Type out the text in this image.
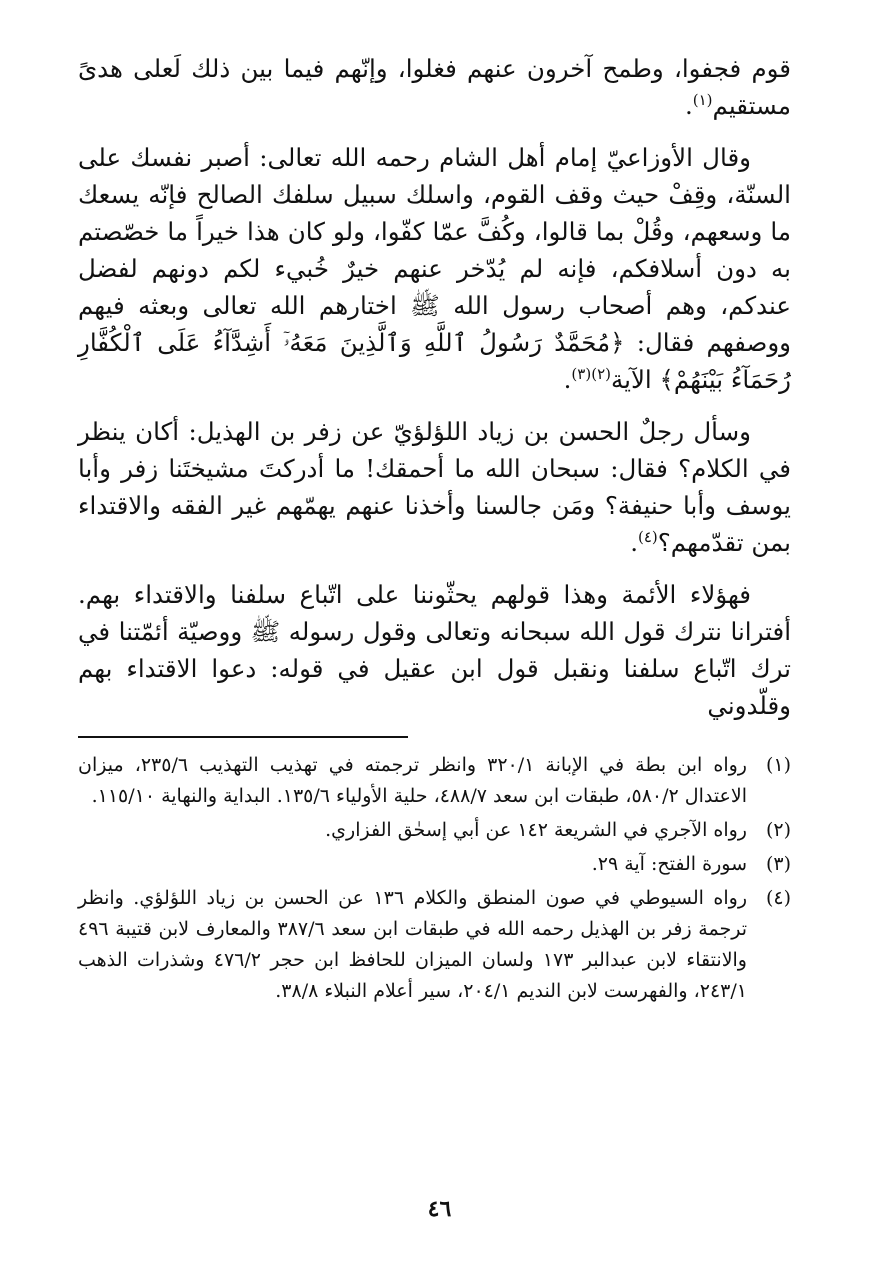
قوم فجفوا، وطمح آخرون عنهم فغلوا، وإنّهم فيما بين ذلك لَعلى هدىً مستقيم$^{(١)}$.

وقال الأوزاعيّ إمام أهل الشام رحمه الله تعالى: أصبر نفسك على السنّة، وقِفْ حيث وقف القوم، واسلك سبيل سلفك الصالح فإنّه يسعك ما وسعهم، وقُلْ بما قالوا، وكُفَّ عمّا كفّوا، ولو كان هذا خيراً ما خصّصتم به دون أسلافكم، فإنه لم يُدّخر عنهم خيرٌ خُبيء لكم دونهم لفضل عندكم، وهم أصحاب رسول الله ﷺ اختارهم الله تعالى وبعثه فيهم ووصفهم فقال: ﴿مُحَمَّدٌ رَسُولُ ٱللَّهِ وَٱلَّذِينَ مَعَهُۥٓ أَشِدَّآءُ عَلَى ٱلْكُفَّارِ رُحَمَآءُ بَيْنَهُمْ﴾ الآية$^{(٢)(٣)}$.

وسأل رجلٌ الحسن بن زياد اللؤلؤيّ عن زفر بن الهذيل: أكان ينظر في الكلام؟ فقال: سبحان الله ما أحمقك! ما أدركتَ مشيختَنا زفر وأبا يوسف وأبا حنيفة؟ ومَن جالسنا وأخذنا عنهم يهمّهم غير الفقه والاقتداء بمن تقدّمهم؟$^{(٤)}$.

فهؤلاء الأئمة وهذا قولهم يحثّوننا على اتّباع سلفنا والاقتداء بهم. أفترانا نترك قول الله سبحانه وتعالى وقول رسوله ﷺ ووصيّة أئمّتنا في ترك اتّباع سلفنا ونقبل قول ابن عقيل في قوله: دعوا الاقتداء بهم وقلّدوني

(١)
رواه ابن بطة في الإبانة ٣٢٠/١ وانظر ترجمته في تهذيب التهذيب ٢٣٥/٦، ميزان الاعتدال ٥٨٠/٢، طبقات ابن سعد ٤٨٨/٧، حلية الأولياء ١٣٥/٦. البداية والنهاية ١١٥/١٠.
(٢)
رواه الآجري في الشريعة ١٤٢ عن أبي إسحٰق الفزاري.
(٣)
سورة الفتح: آية ٢٩.
(٤)
رواه السيوطي في صون المنطق والكلام ١٣٦ عن الحسن بن زياد اللؤلؤي. وانظر ترجمة زفر بن الهذيل رحمه الله في طبقات ابن سعد ٣٨٧/٦ والمعارف لابن قتيبة ٤٩٦ والانتقاء لابن عبدالبر ١٧٣ ولسان الميزان للحافظ ابن حجر ٤٧٦/٢ وشذرات الذهب ٢٤٣/١، والفهرست لابن النديم ٢٠٤/١، سير أعلام النبلاء ٣٨/٨.
٤٦
